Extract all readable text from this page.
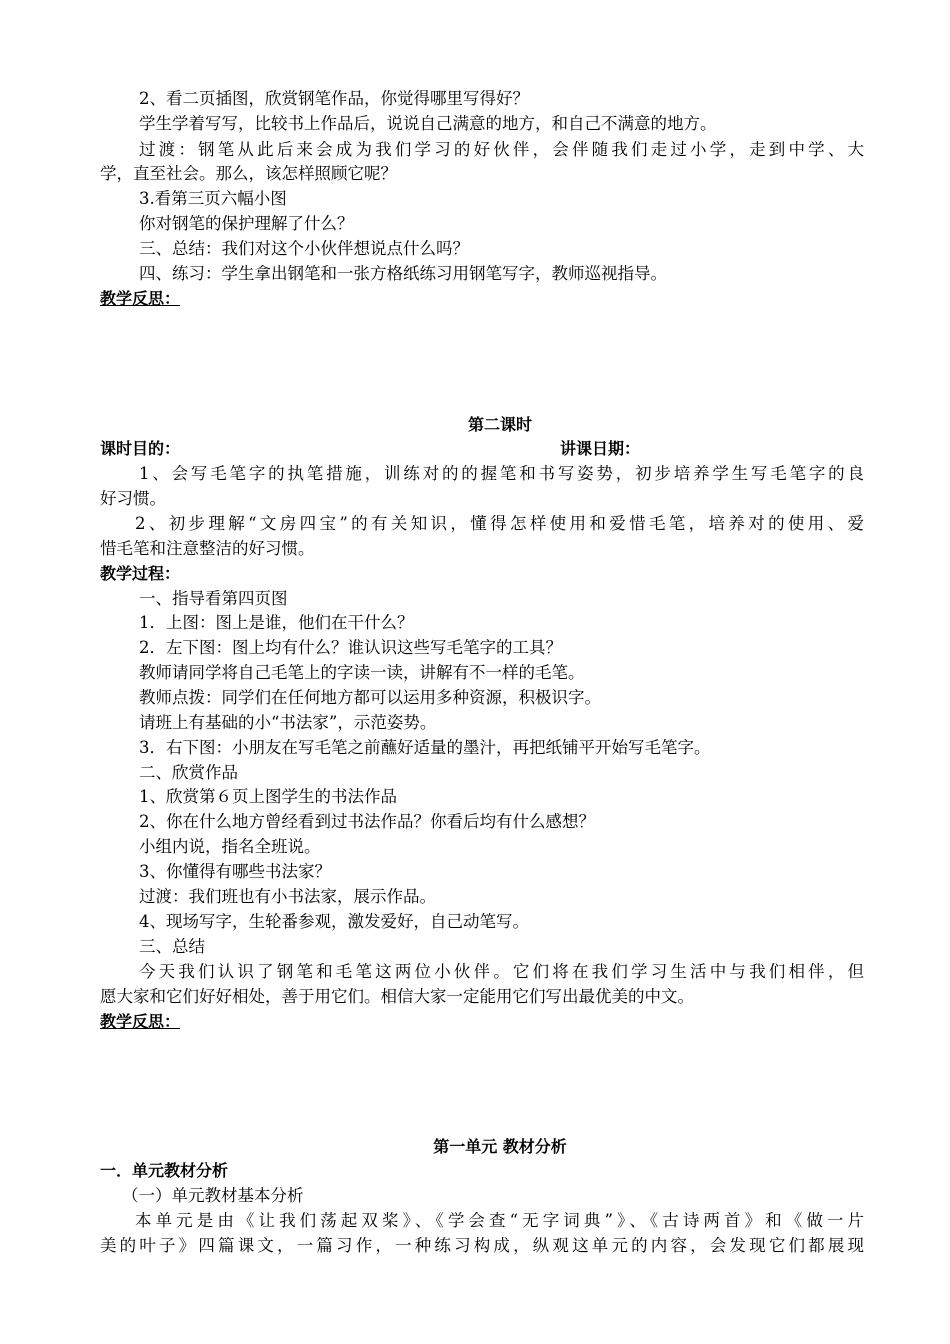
2、看二页插图，欣赏钢笔作品，你觉得哪里写得好？
学生学着写写，比较书上作品后，说说自己满意的地方，和自己不满意的地方。
过渡：钢笔从此后来会成为我们学习的好伙伴，会伴随我们走过小学，走到中学、大
学，直至社会。那么，该怎样照顾它呢？
3.看第三页六幅小图
你对钢笔的保护理解了什么？
三、总结：我们对这个小伙伴想说点什么吗？
四、练习：学生拿出钢笔和一张方格纸练习用钢笔写字，教师巡视指导。
教学反思：
第二课时
课时目的：	讲课日期：
1、会写毛笔字的执笔措施，训练对的的握笔和书写姿势，初步培养学生写毛笔字的良
好习惯。
2、初步理解“文房四宝”的有关知识，懂得怎样使用和爱惜毛笔，培养对的使用、爱
惜毛笔和注意整洁的好习惯。
教学过程：
一、指导看第四页图
1．上图：图上是谁，他们在干什么？
2．左下图：图上均有什么？谁认识这些写毛笔字的工具？
教师请同学将自己毛笔上的字读一读，讲解有不一样的毛笔。
教师点拨：同学们在任何地方都可以运用多种资源，积极识字。
请班上有基础的小“书法家”，示范姿势。
3．右下图：小朋友在写毛笔之前蘸好适量的墨汁，再把纸铺平开始写毛笔字。
二、欣赏作品
1、欣赏第６页上图学生的书法作品
2、你在什么地方曾经看到过书法作品？你看后均有什么感想？
小组内说，指名全班说。
3、你懂得有哪些书法家？
过渡：我们班也有小书法家，展示作品。
4、现场写字，生轮番参观，激发爱好，自己动笔写。
三、总结
今天我们认识了钢笔和毛笔这两位小伙伴。它们将在我们学习生活中与我们相伴，但
愿大家和它们好好相处，善于用它们。相信大家一定能用它们写出最优美的中文。
教学反思：
第一单元 教材分析
一．单元教材分析
（一）单元教材基本分析
本单元是由《让我们荡起双桨》、《学会查“无字词典”》、《古诗两首》和《做一片
美的叶子》四篇课文，一篇习作，一种练习构成，纵观这单元的内容，会发现它们都展现
